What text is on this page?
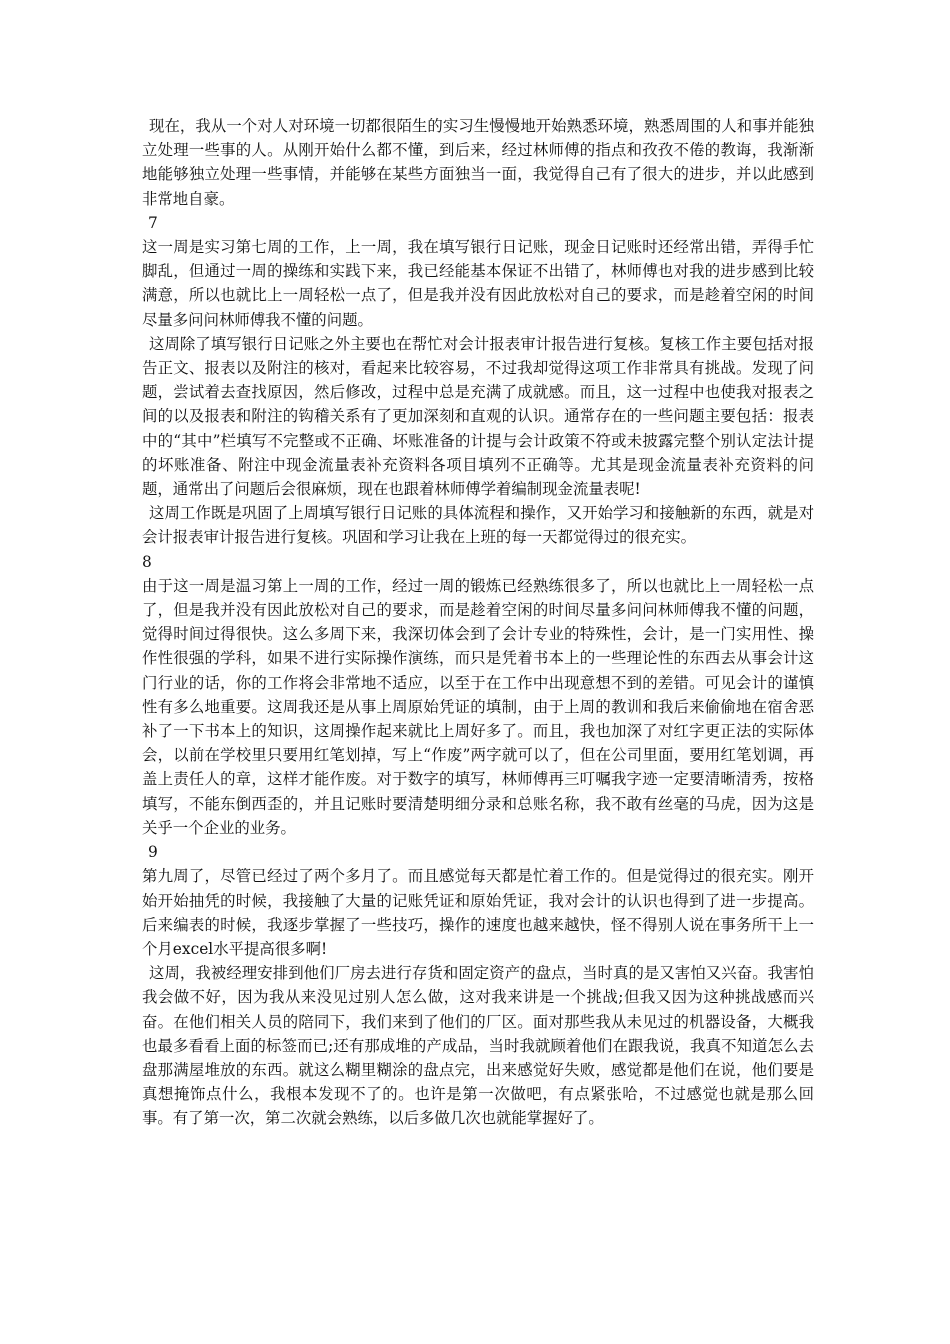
现在，我从一个对人对环境一切都很陌生的实习生慢慢地开始熟悉环境，熟悉周围的人和事并能独立处理一些事的人。从刚开始什么都不懂，到后来，经过林师傅的指点和孜孜不倦的教诲，我渐渐地能够独立处理一些事情，并能够在某些方面独当一面，我觉得自己有了很大的进步，并以此感到非常地自豪。

7

这一周是实习第七周的工作，上一周，我在填写银行日记账，现金日记账时还经常出错，弄得手忙脚乱，但通过一周的操练和实践下来，我已经能基本保证不出错了，林师傅也对我的进步感到比较满意，所以也就比上一周轻松一点了，但是我并没有因此放松对自己的要求，而是趁着空闲的时间尽量多问问林师傅我不懂的问题。

这周除了填写银行日记账之外主要也在帮忙对会计报表审计报告进行复核。复核工作主要包括对报告正文、报表以及附注的核对，看起来比较容易，不过我却觉得这项工作非常具有挑战。发现了问题，尝试着去查找原因，然后修改，过程中总是充满了成就感。而且，这一过程中也使我对报表之间的以及报表和附注的钩稽关系有了更加深刻和直观的认识。通常存在的一些问题主要包括：报表中的“其中”栏填写不完整或不正确、坏账准备的计提与会计政策不符或未披露完整个别认定法计提的坏账准备、附注中现金流量表补充资料各项目填列不正确等。尤其是现金流量表补充资料的问题，通常出了问题后会很麻烦，现在也跟着林师傅学着编制现金流量表呢!

这周工作既是巩固了上周填写银行日记账的具体流程和操作，又开始学习和接触新的东西，就是对会计报表审计报告进行复核。巩固和学习让我在上班的每一天都觉得过的很充实。

8

由于这一周是温习第上一周的工作，经过一周的锻炼已经熟练很多了，所以也就比上一周轻松一点了，但是我并没有因此放松对自己的要求，而是趁着空闲的时间尽量多问问林师傅我不懂的问题，觉得时间过得很快。这么多周下来，我深切体会到了会计专业的特殊性，会计，是一门实用性、操作性很强的学科，如果不进行实际操作演练，而只是凭着书本上的一些理论性的东西去从事会计这门行业的话，你的工作将会非常地不适应，以至于在工作中出现意想不到的差错。可见会计的谨慎性有多么地重要。这周我还是从事上周原始凭证的填制，由于上周的教训和我后来偷偷地在宿舍恶补了一下书本上的知识，这周操作起来就比上周好多了。而且，我也加深了对红字更正法的实际体会，以前在学校里只要用红笔划掉，写上“作废”两字就可以了，但在公司里面，要用红笔划调，再盖上责任人的章，这样才能作废。对于数字的填写，林师傅再三叮嘱我字迹一定要清晰清秀，按格填写，不能东倒西歪的，并且记账时要清楚明细分录和总账名称，我不敢有丝毫的马虎，因为这是关乎一个企业的业务。

9

第九周了，尽管已经过了两个多月了。而且感觉每天都是忙着工作的。但是觉得过的很充实。刚开始开始抽凭的时候，我接触了大量的记账凭证和原始凭证，我对会计的认识也得到了进一步提高。后来编表的时候，我逐步掌握了一些技巧，操作的速度也越来越快，怪不得别人说在事务所干上一个月excel水平提高很多啊!

这周，我被经理安排到他们厂房去进行存货和固定资产的盘点，当时真的是又害怕又兴奋。我害怕我会做不好，因为我从来没见过别人怎么做，这对我来讲是一个挑战;但我又因为这种挑战感而兴奋。在他们相关人员的陪同下，我们来到了他们的厂区。面对那些我从未见过的机器设备，大概我也最多看看上面的标签而已;还有那成堆的产成品，当时我就顾着他们在跟我说，我真不知道怎么去盘那满屋堆放的东西。就这么糊里糊涂的盘点完，出来感觉好失败，感觉都是他们在说，他们要是真想掩饰点什么，我根本发现不了的。也许是第一次做吧，有点紧张哈，不过感觉也就是那么回事。有了第一次，第二次就会熟练，以后多做几次也就能掌握好了。
